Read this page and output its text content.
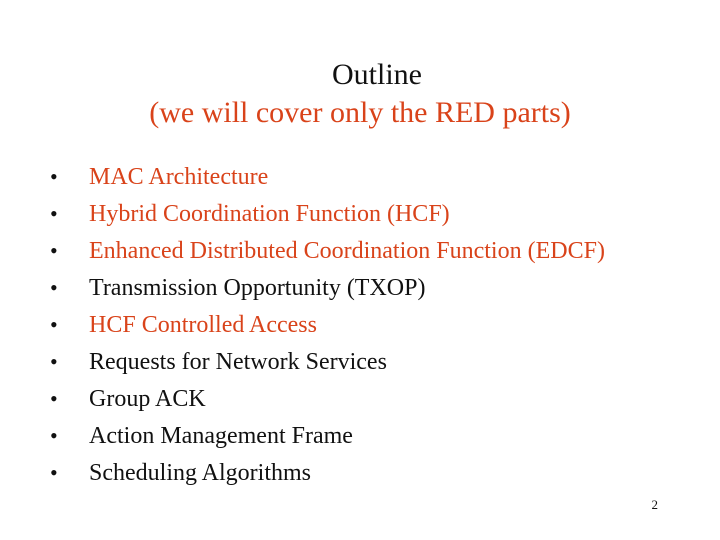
Outline
(we will cover only the RED parts)
•	MAC Architecture
•	Hybrid Coordination Function (HCF)
•	Enhanced Distributed Coordination Function (EDCF)
•	Transmission Opportunity (TXOP)
•	HCF Controlled Access
•	Requests for Network Services
•	Group ACK
•	Action Management Frame
•	Scheduling Algorithms
2
